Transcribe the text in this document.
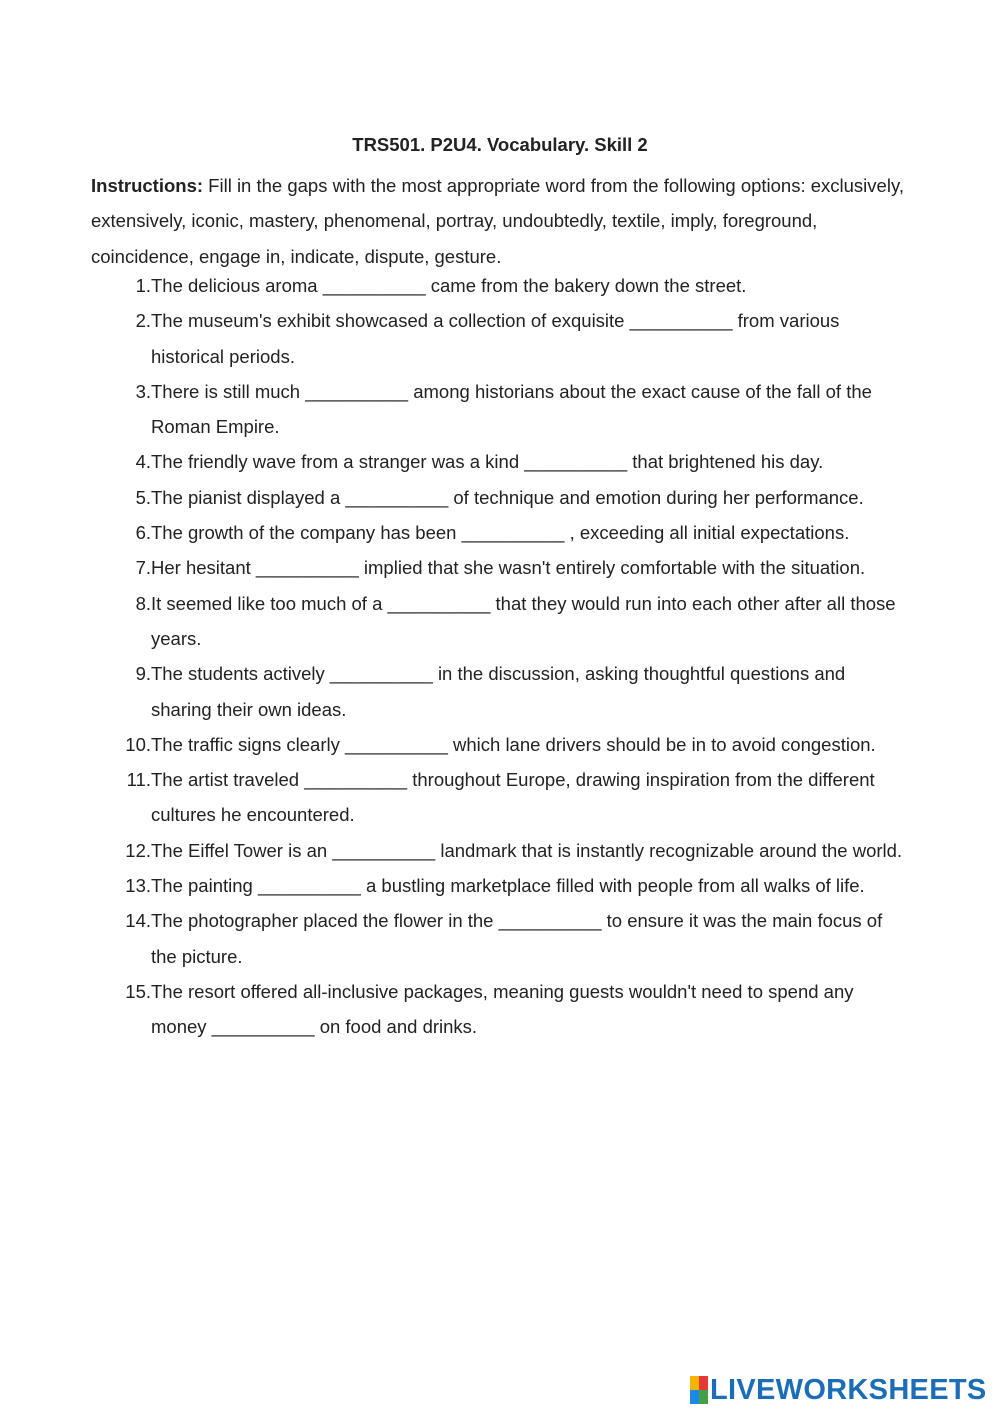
TRS501. P2U4. Vocabulary. Skill 2
Instructions: Fill in the gaps with the most appropriate word from the following options: exclusively, extensively, iconic, mastery, phenomenal, portray, undoubtedly, textile, imply, foreground, coincidence, engage in, indicate, dispute, gesture.
1. The delicious aroma __________ came from the bakery down the street.
2. The museum's exhibit showcased a collection of exquisite __________ from various historical periods.
3. There is still much __________ among historians about the exact cause of the fall of the Roman Empire.
4. The friendly wave from a stranger was a kind __________ that brightened his day.
5. The pianist displayed a __________ of technique and emotion during her performance.
6. The growth of the company has been __________ , exceeding all initial expectations.
7. Her hesitant __________ implied that she wasn't entirely comfortable with the situation.
8. It seemed like too much of a __________ that they would run into each other after all those years.
9. The students actively __________ in the discussion, asking thoughtful questions and sharing their own ideas.
10. The traffic signs clearly __________ which lane drivers should be in to avoid congestion.
11. The artist traveled __________ throughout Europe, drawing inspiration from the different cultures he encountered.
12. The Eiffel Tower is an __________ landmark that is instantly recognizable around the world.
13. The painting __________ a bustling marketplace filled with people from all walks of life.
14. The photographer placed the flower in the __________ to ensure it was the main focus of the picture.
15. The resort offered all-inclusive packages, meaning guests wouldn't need to spend any money __________ on food and drinks.
LIVEWORKSHEETS
